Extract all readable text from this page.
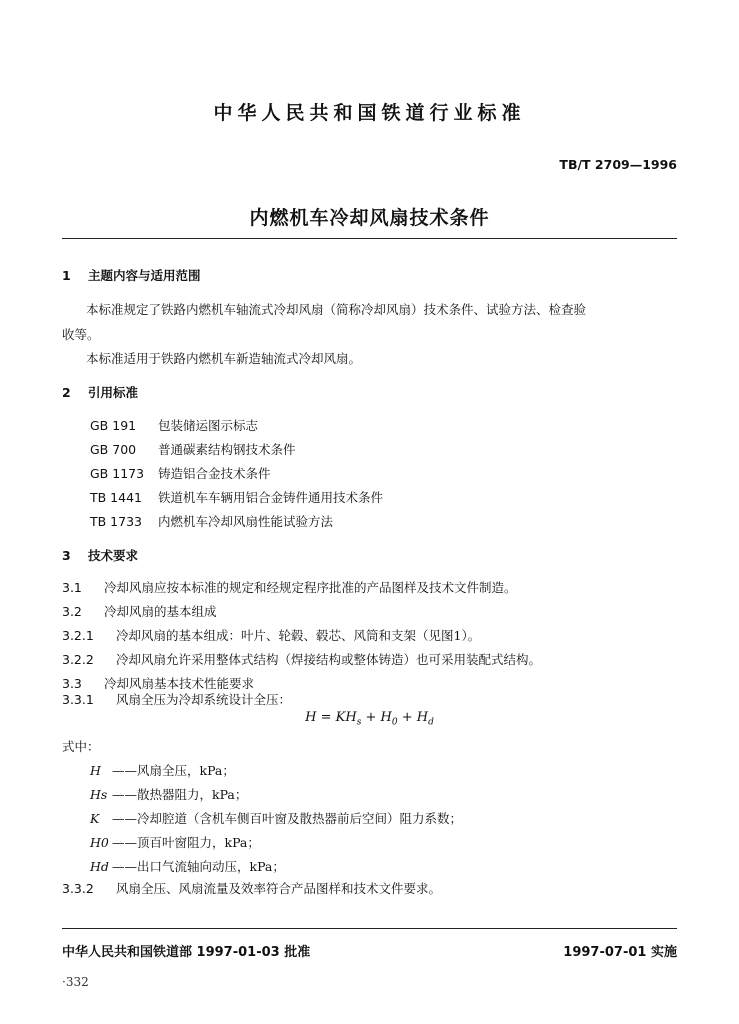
中华人民共和国铁道行业标准
TB/T 2709—1996
内燃机车冷却风扇技术条件
1 主题内容与适用范围
本标准规定了铁路内燃机车轴流式冷却风扇（简称冷却风扇）技术条件、试验方法、检查验
收等。
本标准适用于铁路内燃机车新造轴流式冷却风扇。
2 引用标准
GB 191 包装储运图示标志
GB 700 普通碳素结构钢技术条件
GB 1173 铸造铝合金技术条件
TB 1441 铁道机车车辆用铝合金铸件通用技术条件
TB 1733 内燃机车冷却风扇性能试验方法
3 技术要求
3.1 冷却风扇应按本标准的规定和经规定程序批准的产品图样及技术文件制造。
3.2 冷却风扇的基本组成
3.2.1 冷却风扇的基本组成：叶片、轮毂、毂芯、风筒和支架（见图1）。
3.2.2 冷却风扇允许采用整体式结构（焊接结构或整体铸造）也可采用装配式结构。
3.3 冷却风扇基本技术性能要求
3.3.1 风扇全压为冷却系统设计全压：
$H = KH_s + H_0 + H_d$
式中：
H ——风扇全压，kPa；
Hs ——散热器阻力，kPa；
K ——冷却腔道（含机车侧百叶窗及散热器前后空间）阻力系数；
H0 ——顶百叶窗阻力，kPa；
Hd ——出口气流轴向动压，kPa；
3.3.2 风扇全压、风扇流量及效率符合产品图样和技术文件要求。
中华人民共和国铁道部 1997-01-03 批准	1997-07-01 实施
·332
